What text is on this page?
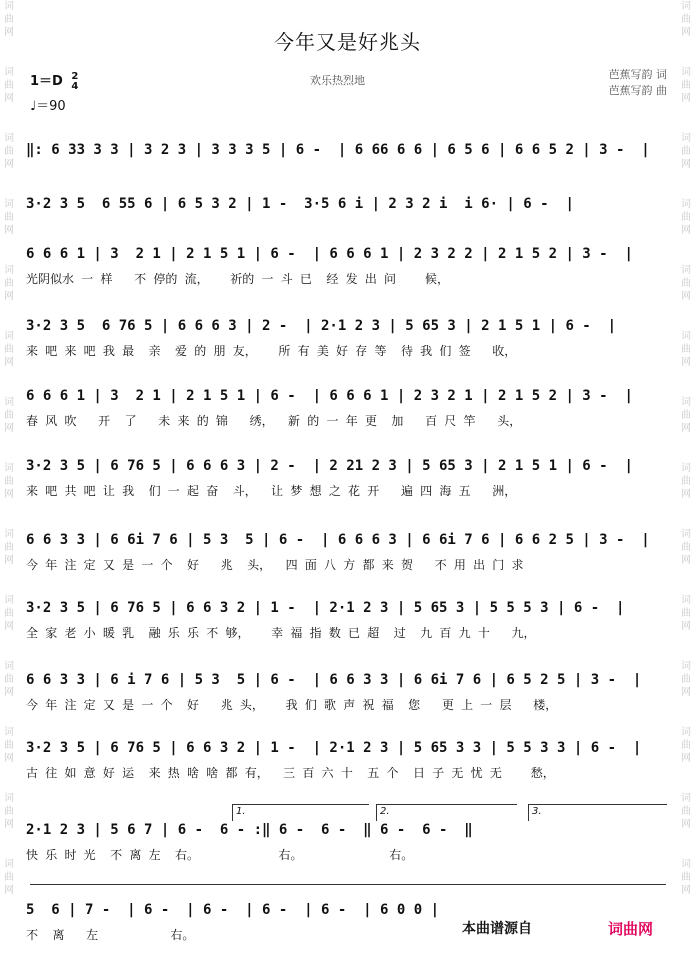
词曲网
词曲网
词曲网
词曲网
词曲网
词曲网
词曲网
词曲网
词曲网
词曲网
词曲网
词曲网
词曲网
词曲网
词曲网
词曲网
词曲网
词曲网
词曲网
词曲网
词曲网
词曲网
词曲网
词曲网
词曲网
词曲网
词曲网
词曲网
今年又是好兆头
1＝D 2
4
♩＝90
欢乐热烈地	芭蕉写韵 词
芭蕉写韵 曲
‖: 6 33 3 3 | 3 2 3 | 3 3 3 5 | 6 -  | 6 66 6 6 | 6 5 6 | 6 6 5 2 | 3 -  |
3·2 3 5  6 55 6 | 6 5 3 2 | 1 -  3·5 6 i | 2 3 2 i  i 6· | 6 -  |
6 6 6 1 | 3  2 1 | 2 1 5 1 | 6 -  | 6 6 6 1 | 2 3 2 2 | 2 1 5 2 | 3 -  |
光阴似水 一 样   不 停的 流，   祈的 一 斗 已  经 发 出 问    候，
3·2 3 5  6 76 5 | 6 6 6 3 | 2 -  | 2·1 2 3 | 5 65 3 | 2 1 5 1 | 6 -  |
来 吧 来 吧 我 最  亲  爱 的 朋 友，   所 有 美 好 存 等  待 我 们 签   收，
6 6 6 1 | 3  2 1 | 2 1 5 1 | 6 -  | 6 6 6 1 | 2 3 2 1 | 2 1 5 2 | 3 -  |
春 风 吹   开  了   未 来 的 锦   绣，  新 的 一 年 更  加   百 尺 竿   头，
3·2 3 5 | 6 76 5 | 6 6 6 3 | 2 -  | 2 21 2 3 | 5 65 3 | 2 1 5 1 | 6 -  |
来 吧 共 吧 让 我  们 一 起 奋  斗，  让 梦 想 之 花 开   遍 四 海 五   洲，
6 6 3 3 | 6 6i 7 6 | 5 3  5 | 6 -  | 6 6 6 3 | 6 6i 7 6 | 6 6 2 5 | 3 -  |
今 年 注 定 又 是 一 个  好   兆  头，  四 面 八 方 都 来 贺   不 用 出 门 求
3·2 3 5 | 6 76 5 | 6 6 3 2 | 1 -  | 2·1 2 3 | 5 65 3 | 5 5 5 3 | 6 -  |
全 家 老 小 暖 乳  融 乐 乐 不 够，   幸 福 指 数 已 超  过  九 百 九 十   九，
6 6 3 3 | 6 i 7 6 | 5 3  5 | 6 -  | 6 6 3 3 | 6 6i 7 6 | 6 5 2 5 | 3 -  |
今 年 注 定 又 是 一 个  好   兆 头，   我 们 歌 声 祝 福  您   更 上 一 层   楼，
3·2 3 5 | 6 76 5 | 6 6 3 2 | 1 -  | 2·1 2 3 | 5 65 3 3 | 5 5 3 3 | 6 -  |
古 往 如 意 好 运  来 热 啥 啥 都 有，  三 百 六 十  五 个  日 子 无 忧 无    愁，
1.	2.	3.
2·1 2 3 | 5 6 7 | 6 -  6 - :‖ 6 -  6 -  ‖ 6 -  6 -  ‖
快 乐 时 光  不 离 左  右。           右。            右。
5  6 | 7 -  | 6 -  | 6 -  | 6 -  | 6 -  | 6 0 0 |
不  离   左          右。	本曲谱源自	词曲网
